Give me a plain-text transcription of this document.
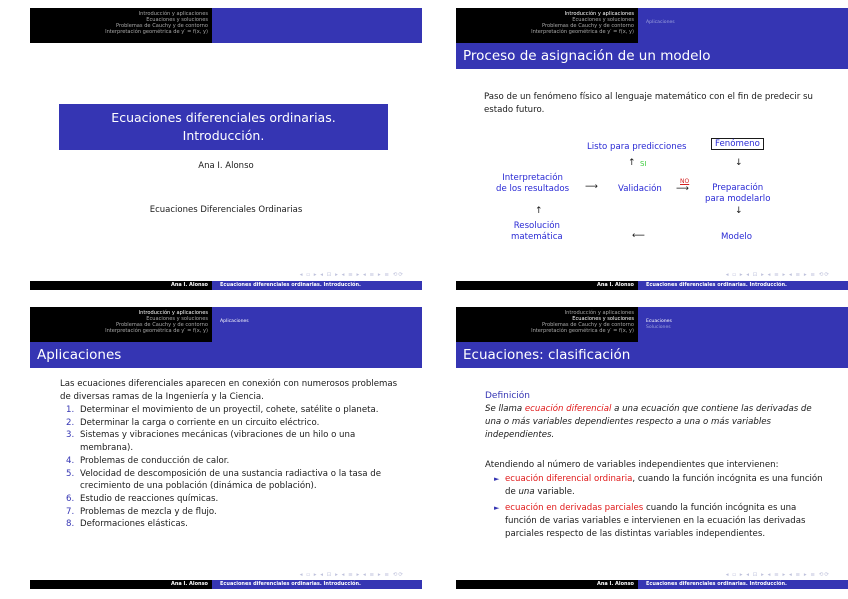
Introducción y aplicaciones
Ecuaciones y soluciones
Problemas de Cauchy y de contorno
Interpretación geométrica de y′ = f(x, y)
Ecuaciones diferenciales ordinarias.
Introducción.
Ana I. Alonso
Ecuaciones Diferenciales Ordinarias
◂ ▫ ▸ ◂ ⊡ ▸ ◂ ≡ ▸ ◂ ≡ ▸ ≡ ⟲⟳
Ana I. Alonso	Ecuaciones diferenciales ordinarias. Introducción.
Introducción y aplicaciones
Ecuaciones y soluciones
Problemas de Cauchy y de contorno
Interpretación geométrica de y′ = f(x, y)
Aplicaciones
Proceso de asignación de un modelo
Paso de un fenómeno físico al lenguaje matemático con el fin de predecir su estado futuro.
Listo para predicciones	Fenómeno
↑ SI	↓
Interpretación
de los resultados ⟶ Validación
NO
⟶	Preparación
para modelarlo
↑	↓
Resolución
matemática	⟵	Modelo
◂ ▫ ▸ ◂ ⊡ ▸ ◂ ≡ ▸ ◂ ≡ ▸ ≡ ⟲⟳
Ana I. Alonso	Ecuaciones diferenciales ordinarias. Introducción.
Introducción y aplicaciones
Ecuaciones y soluciones
Problemas de Cauchy y de contorno
Interpretación geométrica de y′ = f(x, y)
Aplicaciones
Aplicaciones
Las ecuaciones diferenciales aparecen en conexión con numerosos problemas de diversas ramas de la Ingeniería y la Ciencia.
1. Determinar el movimiento de un proyectil, cohete, satélite o planeta.
2. Determinar la carga o corriente en un circuito eléctrico.
3. Sistemas y vibraciones mecánicas (vibraciones de un hilo o una membrana).
4. Problemas de conducción de calor.
5. Velocidad de descomposición de una sustancia radiactiva o la tasa de crecimiento de una población (dinámica de población).
6. Estudio de reacciones químicas.
7. Problemas de mezcla y de flujo.
8. Deformaciones elásticas.
◂ ▫ ▸ ◂ ⊡ ▸ ◂ ≡ ▸ ◂ ≡ ▸ ≡ ⟲⟳
Ana I. Alonso	Ecuaciones diferenciales ordinarias. Introducción.
Introducción y aplicaciones
Ecuaciones y soluciones
Problemas de Cauchy y de contorno
Interpretación geométrica de y′ = f(x, y)
Ecuaciones
Soluciones
Ecuaciones: clasificación
Definición
Se llama ecuación diferencial a una ecuación que contiene las derivadas de una o más variables dependientes respecto a una o más variables independientes.
Atendiendo al número de variables independientes que intervienen:
► ecuación diferencial ordinaria, cuando la función incógnita es una función de una variable.
► ecuación en derivadas parciales cuando la función incógnita es una función de varias variables e intervienen en la ecuación las derivadas parciales respecto de las distintas variables independientes.
◂ ▫ ▸ ◂ ⊡ ▸ ◂ ≡ ▸ ◂ ≡ ▸ ≡ ⟲⟳
Ana I. Alonso	Ecuaciones diferenciales ordinarias. Introducción.
